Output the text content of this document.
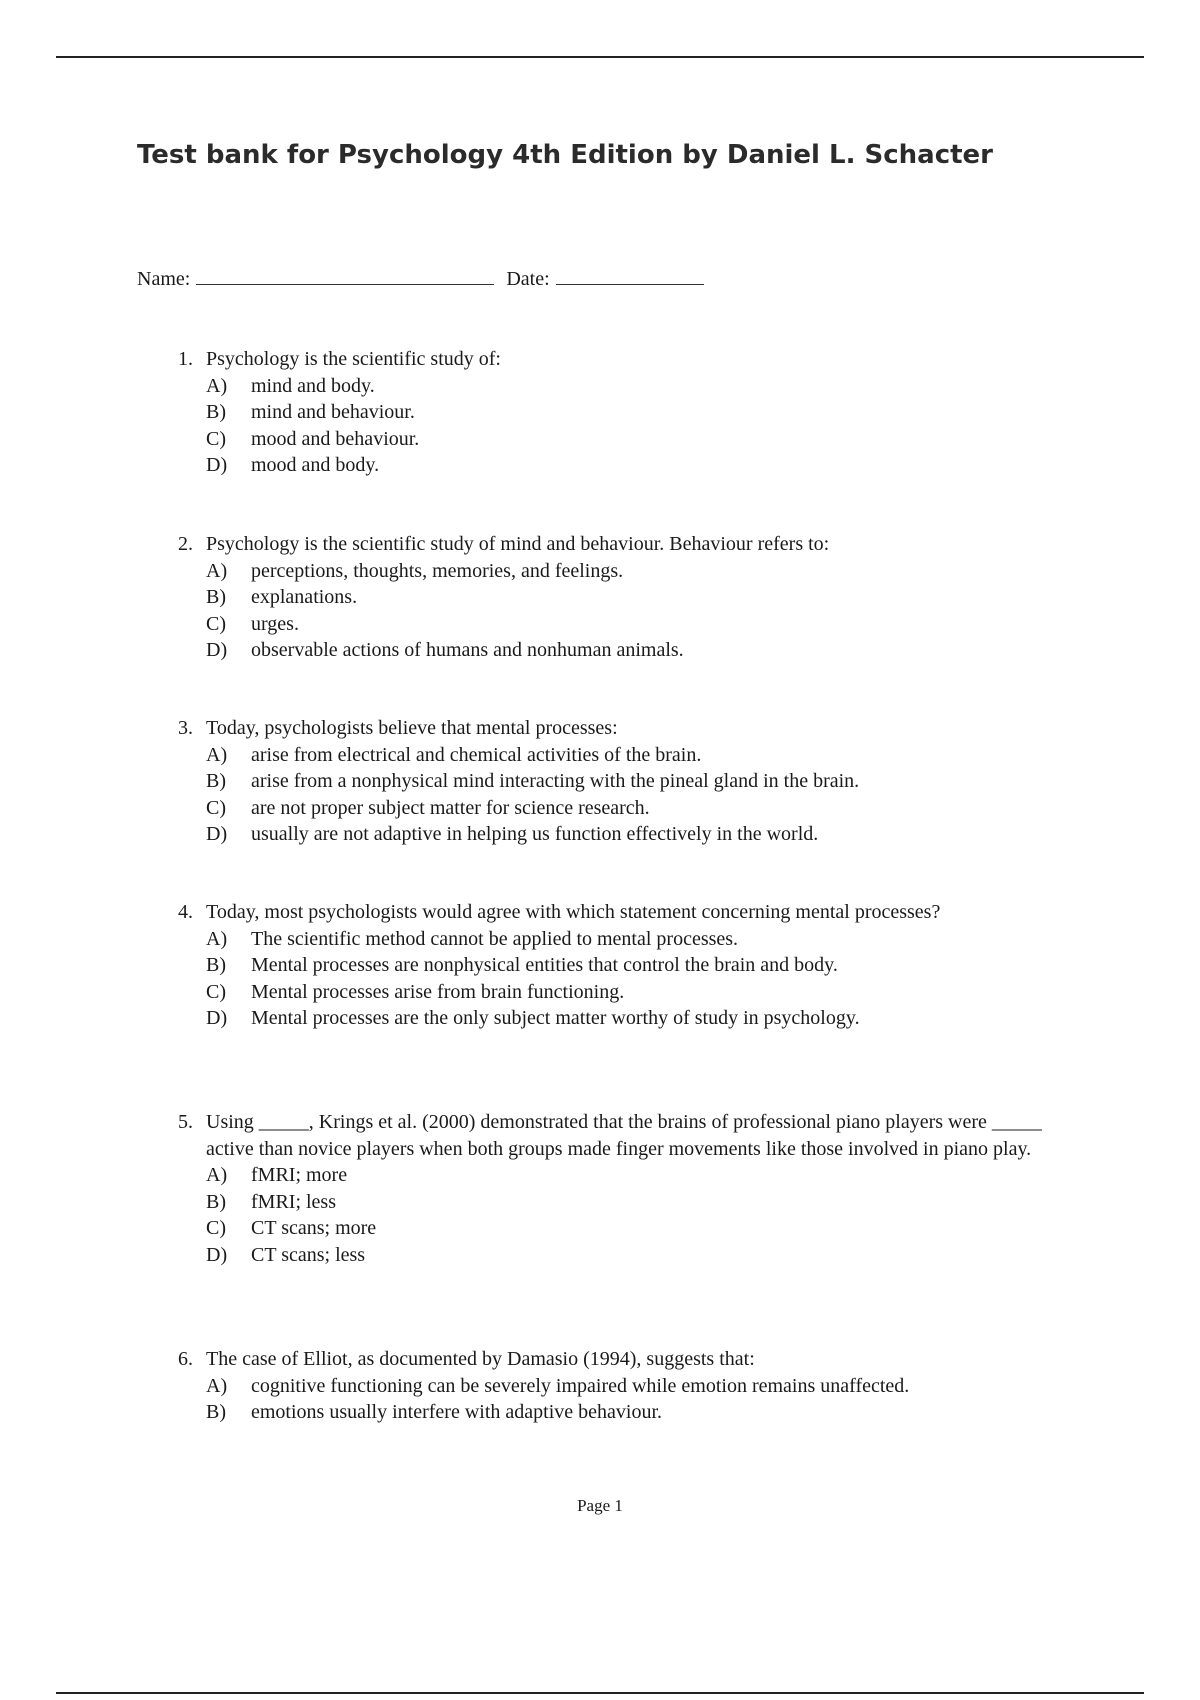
Test bank for Psychology 4th Edition by Daniel L. Schacter
Name:	Date:
1. Psychology is the scientific study of:
A)	mind and body.
B)	mind and behaviour.
C)	mood and behaviour.
D)	mood and body.
2. Psychology is the scientific study of mind and behaviour. Behaviour refers to:
A)	perceptions, thoughts, memories, and feelings.
B)	explanations.
C)	urges.
D)	observable actions of humans and nonhuman animals.
3. Today, psychologists believe that mental processes:
A)	arise from electrical and chemical activities of the brain.
B)	arise from a nonphysical mind interacting with the pineal gland in the brain.
C)	are not proper subject matter for science research.
D)	usually are not adaptive in helping us function effectively in the world.
4. Today, most psychologists would agree with which statement concerning mental processes?
A)	The scientific method cannot be applied to mental processes.
B)	Mental processes are nonphysical entities that control the brain and body.
C)	Mental processes arise from brain functioning.
D)	Mental processes are the only subject matter worthy of study in psychology.
5. Using _____, Krings et al. (2000) demonstrated that the brains of professional piano players were _____ active than novice players when both groups made finger movements like those involved in piano play.
A)	fMRI; more
B)	fMRI; less
C)	CT scans; more
D)	CT scans; less
6. The case of Elliot, as documented by Damasio (1994), suggests that:
A)	cognitive functioning can be severely impaired while emotion remains unaffected.
B)	emotions usually interfere with adaptive behaviour.
Page 1
